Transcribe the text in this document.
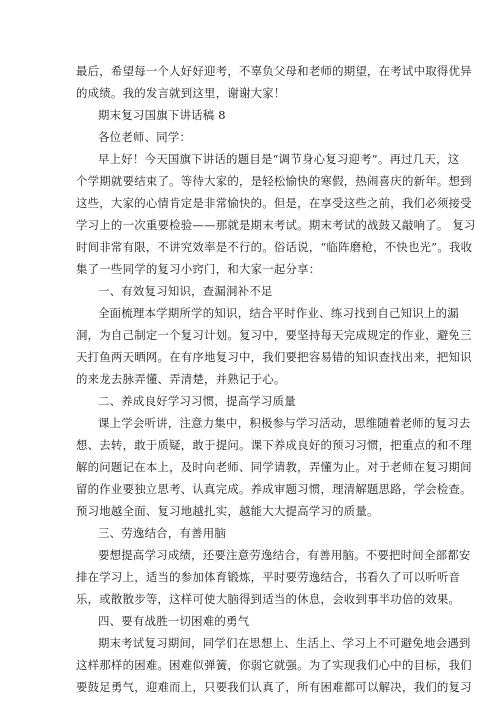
最后，希望每一个人好好迎考，不辜负父母和老师的期望，在考试中取得优异
的成绩。我的发言就到这里，谢谢大家！
期末复习国旗下讲话稿 8
各位老师、同学：
早上好！今天国旗下讲话的题目是“调节身心复习迎考”。再过几天，这
个学期就要结束了。等待大家的，是轻松愉快的寒假，热闹喜庆的新年。想到
这些，大家的心情肯定是非常愉快的。但是，在享受这些之前，我们必须接受
学习上的一次重要检验——那就是期末考试。期末考试的战鼓又敲响了。 复习
时间非常有限，不讲究效率是不行的。俗话说，“临阵磨枪，不快也光”。我收
集了一些同学的复习小窍门，和大家一起分享：
一、有效复习知识，查漏洞补不足
全面梳理本学期所学的知识，结合平时作业、练习找到自己知识上的漏
洞，为自己制定一个复习计划。复习中，要坚持每天完成规定的作业，避免三
天打鱼两天晒网。在有序地复习中，我们要把容易错的知识查找出来，把知识
的来龙去脉弄懂、弄清楚，并熟记于心。
二、养成良好学习习惯，提高学习质量
课上学会听讲，注意力集中，积极参与学习活动，思维随着老师的复习去
想、去转，敢于质疑，敢于提问。课下养成良好的预习习惯，把重点的和不理
解的问题记在本上，及时向老师、同学请教，弄懂为止。对于老师在复习期间
留的作业要独立思考、认真完成。养成审题习惯，理清解题思路，学会检查。
预习地越全面、复习地越扎实，越能大大提高学习的质量。
三、劳逸结合，有善用脑
要想提高学习成绩，还要注意劳逸结合，有善用脑。不要把时间全部都安
排在学习上，适当的参加体育锻炼，平时要劳逸结合，书看久了可以听听音
乐，或散散步等，这样可使大脑得到适当的休息，会收到事半功倍的效果。
四、要有战胜一切困难的勇气
期末考试复习期间，同学们在思想上、生活上、学习上不可避免地会遇到
这样那样的困难。困难似弹簧，你弱它就强。为了实现我们心中的目标，我们
要鼓足勇气，迎难而上，只要我们认真了，所有困难都可以解决，我们的复习
